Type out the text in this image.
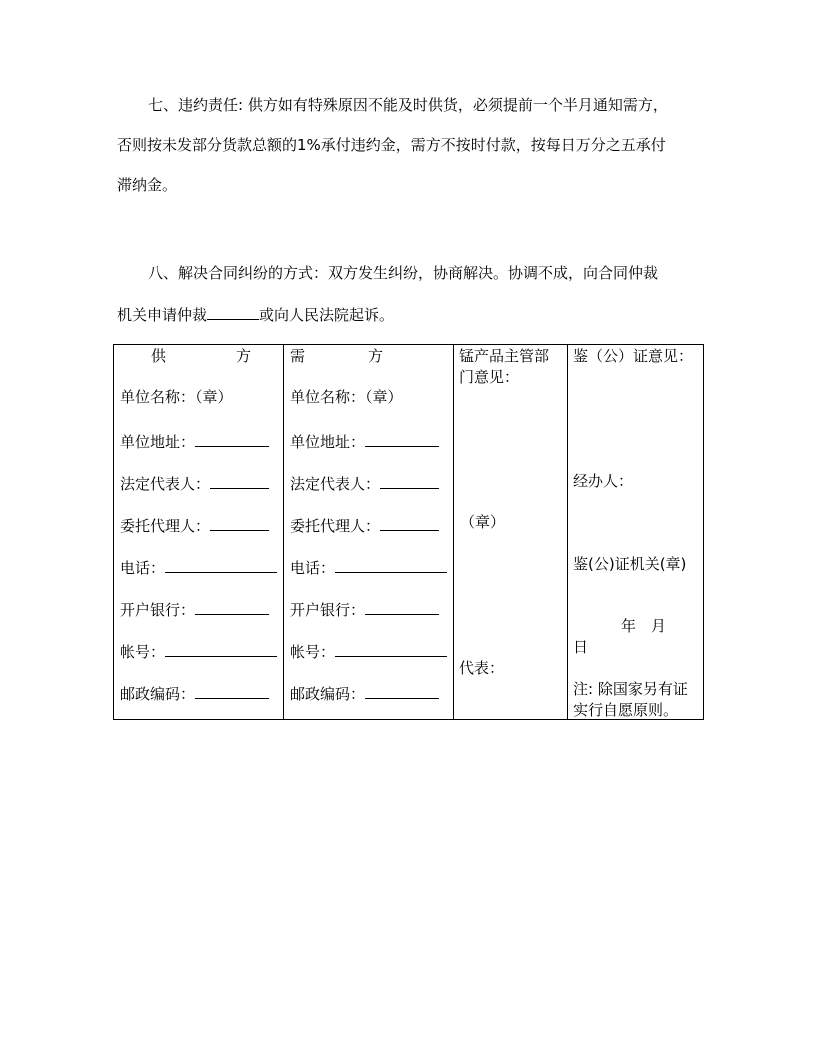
七、违约责任: 供方如有特殊原因不能及时供货，必须提前一个半月通知需方，
否则按未发部分货款总额的1%承付违约金，需方不按时付款，按每日万分之五承付
滞纳金。
八、解决合同纠纷的方式：双方发生纠纷，协商解决。协调不成，向合同仲裁
机关申请仲裁	或向人民法院起诉。
供	方
单位名称：（章）
单位地址：
法定代表人：
委托代理人：
电话：
开户银行：
帐号：
邮政编码：
需	方
单位名称：（章）
单位地址：
法定代表人：
委托代理人：
电话：
开户银行：
帐号：
邮政编码：
锰产品主管部
门意见：
（章）
代表：
鉴（公）证意见：
经办人：
鉴(公)证机关(章)
年　月
日
注: 除国家另有证
实行自愿原则。
